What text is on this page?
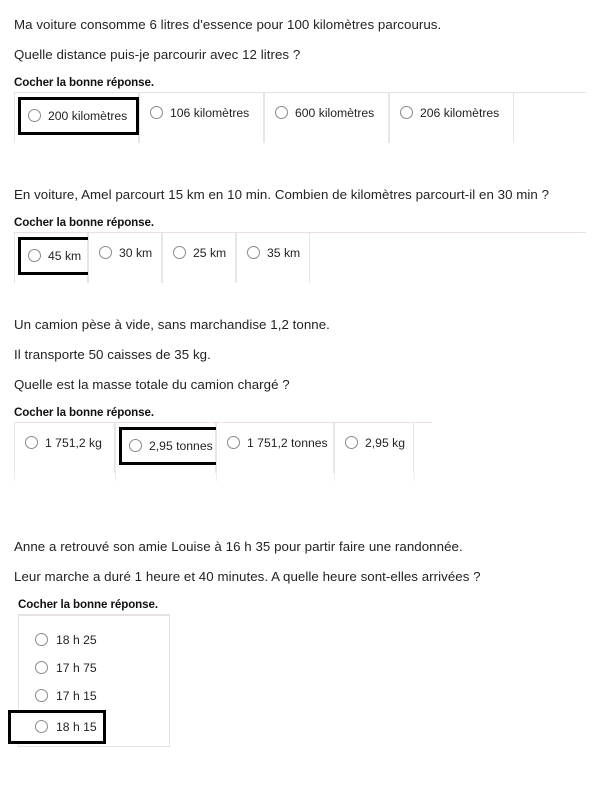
Ma voiture consomme 6 litres d'essence pour 100 kilomètres parcourus.

Quelle distance puis-je parcourir avec 12 litres ?

Cocher la bonne réponse.

200 kilomètres	106 kilomètres	600 kilomètres	206 kilomètres

En voiture, Amel parcourt 15 km en 10 min. Combien de kilomètres parcourt-il en 30 min ?

Cocher la bonne réponse.

45 km	30 km	25 km	35 km

Un camion pèse à vide, sans marchandise 1,2 tonne.

Il transporte 50 caisses de 35 kg.

Quelle est la masse totale du camion chargé ?

Cocher la bonne réponse.

1 751,2 kg	2,95 tonnes	1 751,2 tonnes	2,95 kg

Anne a retrouvé son amie Louise à 16 h 35 pour partir faire une randonnée.

Leur marche a duré 1 heure et 40 minutes. A quelle heure sont-elles arrivées ?

Cocher la bonne réponse.

18 h 25
17 h 75
17 h 15
18 h 15
